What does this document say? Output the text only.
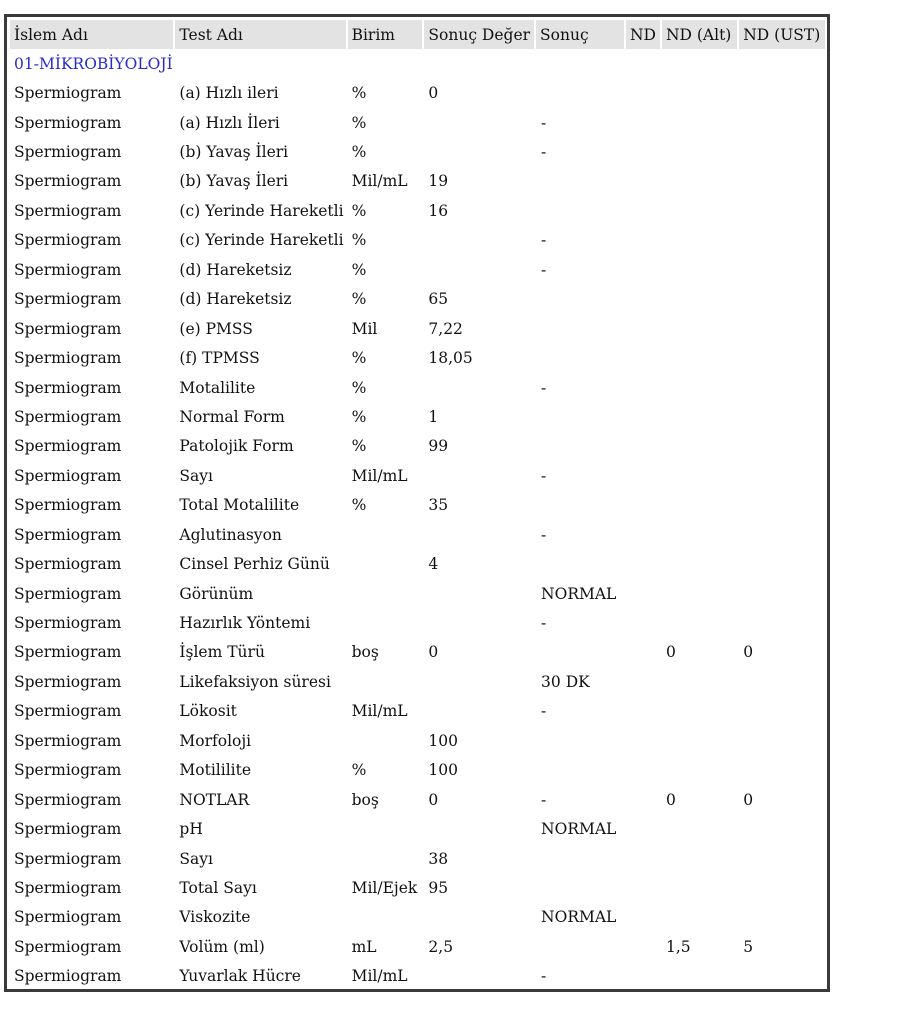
İslem Adı	Test Adı	Birim	Sonuç Değer	Sonuç	ND	ND (Alt)	ND (UST)
01-MİKROBİYOLOJİ							
Spermiogram	(a) Hızlı ileri	%	0				
Spermiogram	(a) Hızlı İleri	%		-			
Spermiogram	(b) Yavaş İleri	%		-			
Spermiogram	(b) Yavaş İleri	Mil/mL	19				
Spermiogram	(c) Yerinde Hareketli	%	16				
Spermiogram	(c) Yerinde Hareketli	%		-			
Spermiogram	(d) Hareketsiz	%		-			
Spermiogram	(d) Hareketsiz	%	65				
Spermiogram	(e) PMSS	Mil	7,22				
Spermiogram	(f) TPMSS	%	18,05				
Spermiogram	Motalilite	%		-			
Spermiogram	Normal Form	%	1				
Spermiogram	Patolojik Form	%	99				
Spermiogram	Sayı	Mil/mL		-			
Spermiogram	Total Motalilite	%	35				
Spermiogram	Aglutinasyon			-			
Spermiogram	Cinsel Perhiz Günü		4				
Spermiogram	Görünüm			NORMAL			
Spermiogram	Hazırlık Yöntemi			-			
Spermiogram	İşlem Türü	boş	0			0	0
Spermiogram	Likefaksiyon süresi			30 DK			
Spermiogram	Lökosit	Mil/mL		-			
Spermiogram	Morfoloji		100				
Spermiogram	Motililite	%	100				
Spermiogram	NOTLAR	boş	0	-		0	0
Spermiogram	pH			NORMAL			
Spermiogram	Sayı		38				
Spermiogram	Total Sayı	Mil/Ejek	95				
Spermiogram	Viskozite			NORMAL			
Spermiogram	Volüm (ml)	mL	2,5			1,5	5
Spermiogram	Yuvarlak Hücre	Mil/mL		-			
